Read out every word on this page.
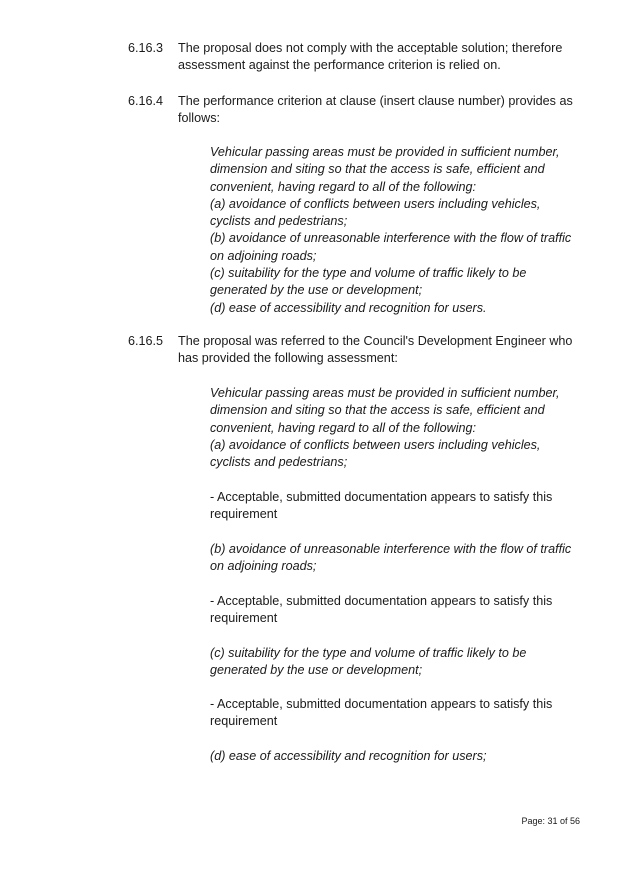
6.16.3 The proposal does not comply with the acceptable solution; therefore
assessment against the performance criterion is relied on.
6.16.4 The performance criterion at clause (insert clause number) provides as
follows:
Vehicular passing areas must be provided in sufficient number,
dimension and siting so that the access is safe, efficient and
convenient, having regard to all of the following:
(a) avoidance of conflicts between users including vehicles,
cyclists and pedestrians;
(b) avoidance of unreasonable interference with the flow of traffic
on adjoining roads;
(c) suitability for the type and volume of traffic likely to be
generated by the use or development;
(d) ease of accessibility and recognition for users.
6.16.5 The proposal was referred to the Council's Development Engineer who
has provided the following assessment:
Vehicular passing areas must be provided in sufficient number,
dimension and siting so that the access is safe, efficient and
convenient, having regard to all of the following:
(a) avoidance of conflicts between users including vehicles,
cyclists and pedestrians;
- Acceptable, submitted documentation appears to satisfy this
requirement
(b) avoidance of unreasonable interference with the flow of traffic
on adjoining roads;
- Acceptable, submitted documentation appears to satisfy this
requirement
(c) suitability for the type and volume of traffic likely to be
generated by the use or development;
- Acceptable, submitted documentation appears to satisfy this
requirement
(d) ease of accessibility and recognition for users;
Page: 31 of 56
